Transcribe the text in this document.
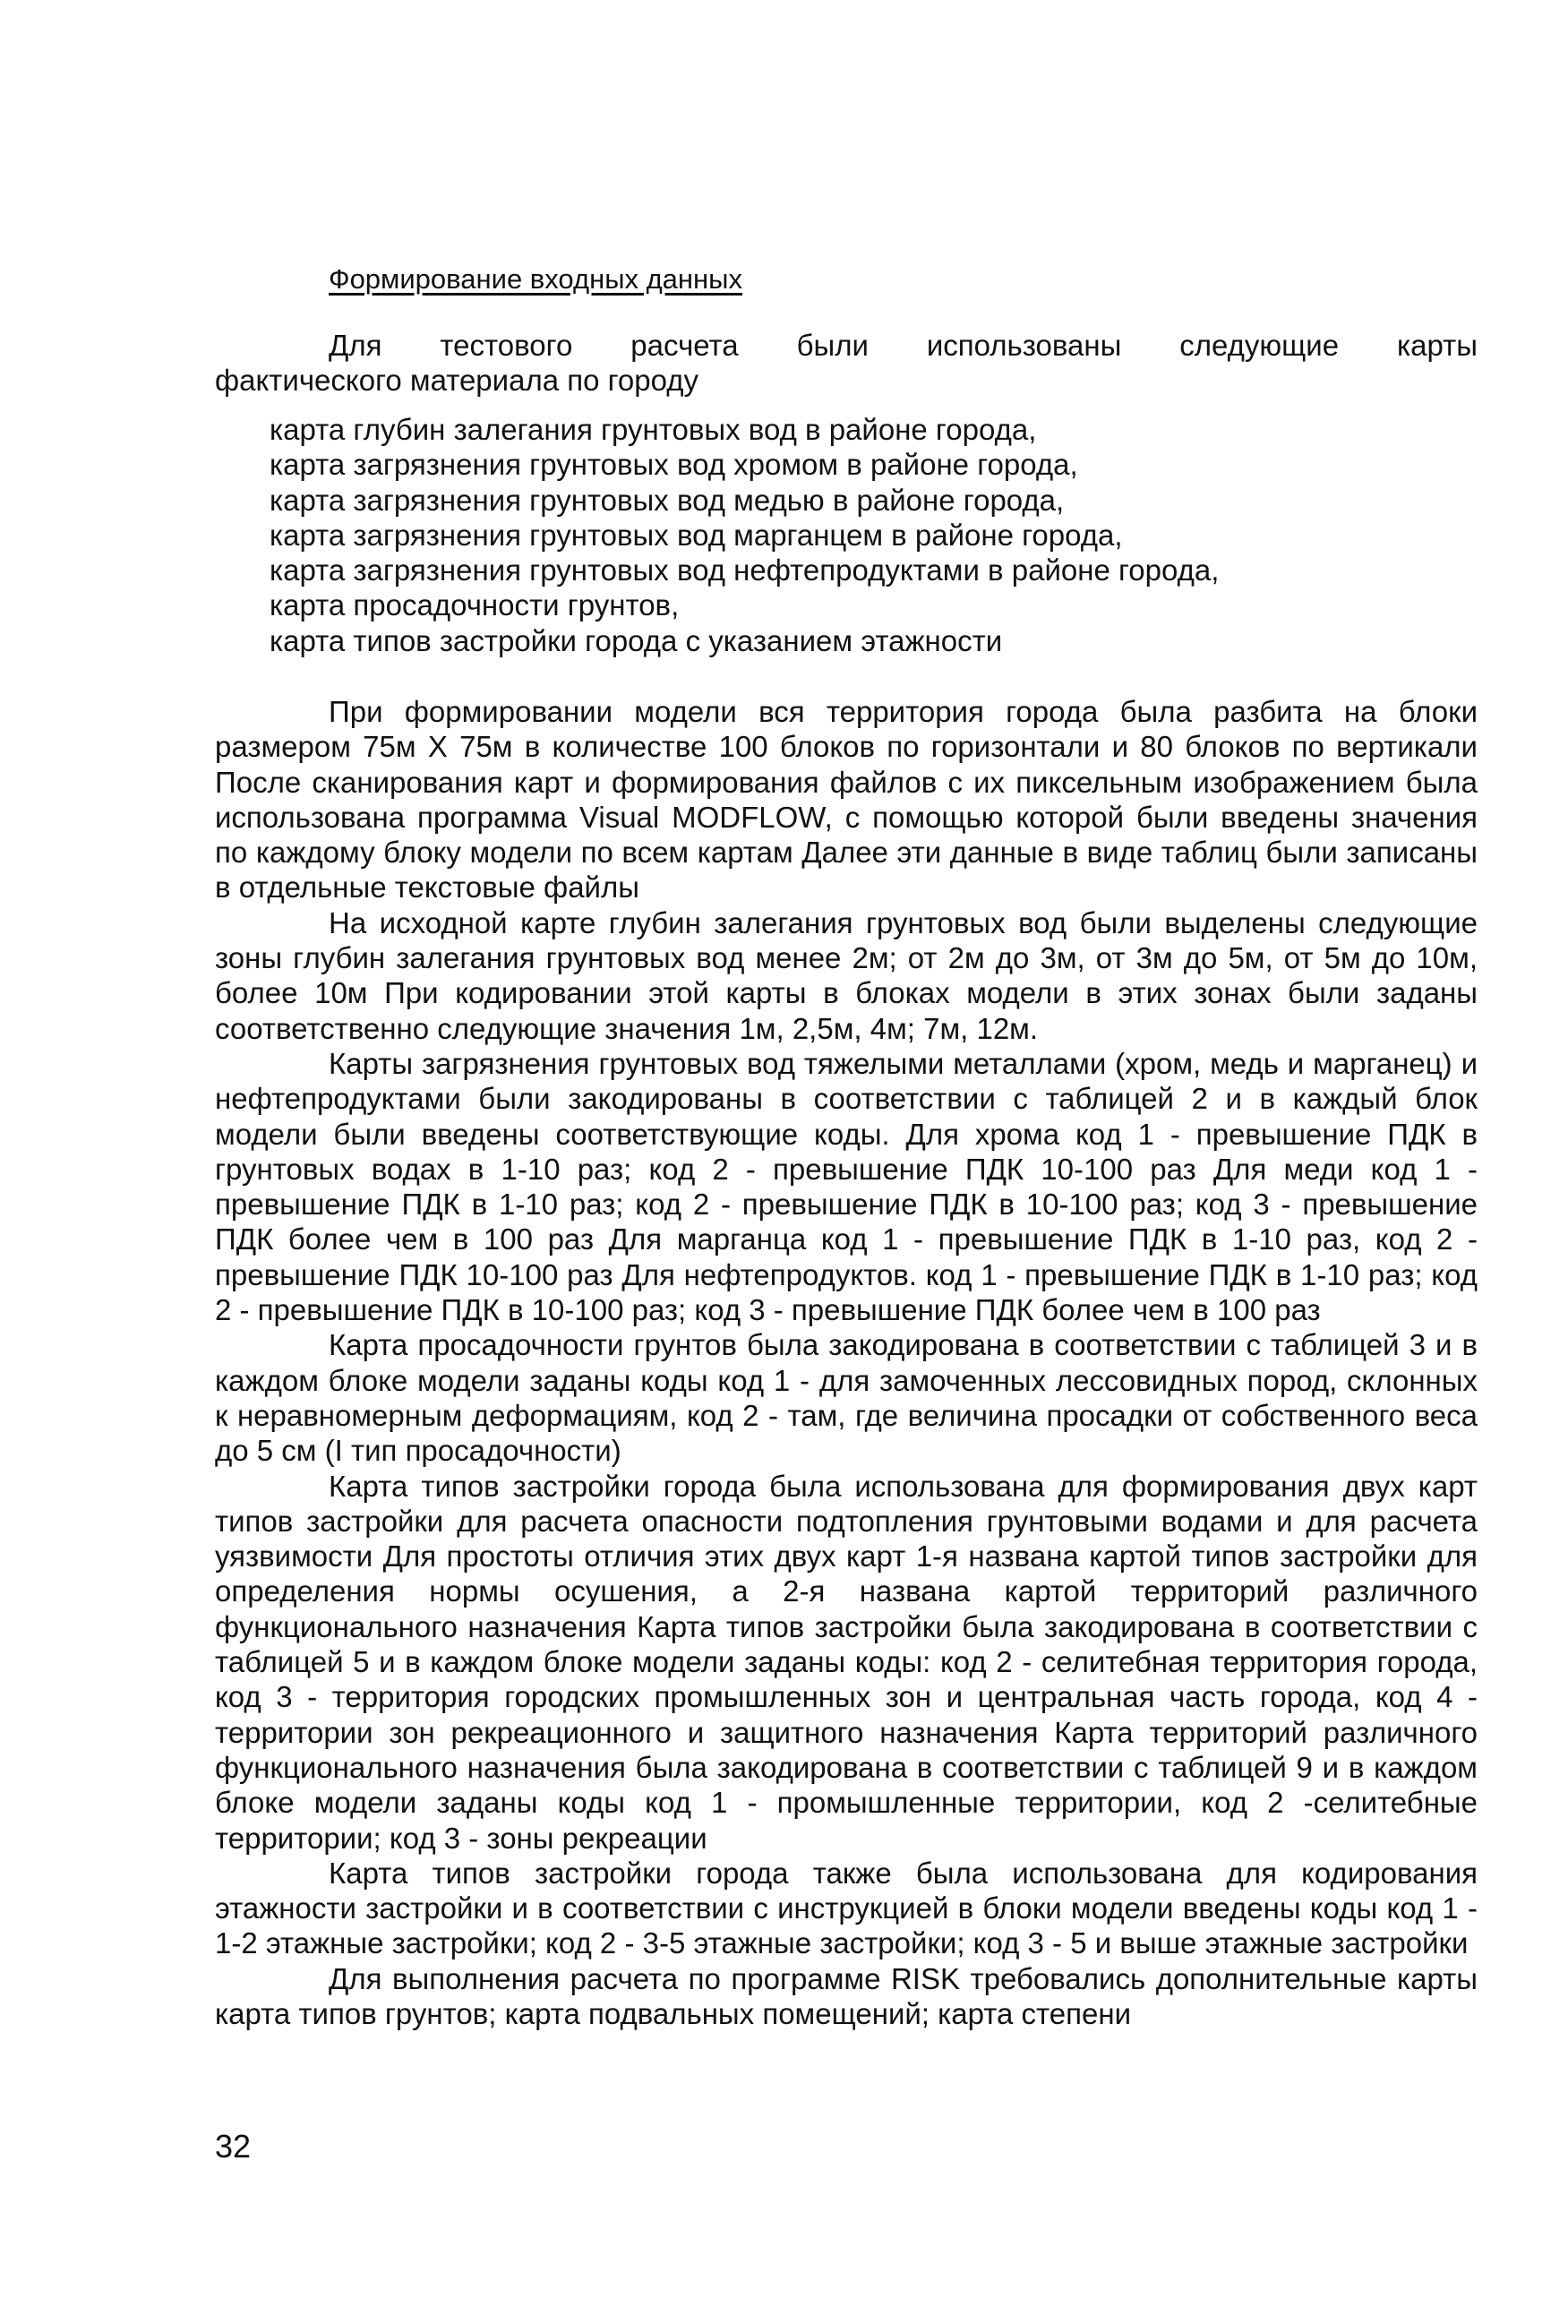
Формирование входных данных

Для тестового расчета были использованы следующие карты

фактического материала по городу

карта глубин залегания грунтовых вод в районе города,
карта загрязнения грунтовых вод хромом в районе города,
карта загрязнения грунтовых вод медью в районе города,
карта загрязнения грунтовых вод марганцем в районе города,
карта загрязнения грунтовых вод нефтепродуктами в районе города,
карта просадочности грунтов,
карта типов застройки города с указанием этажности

При формировании модели вся территория города была разбита на блоки размером 75м X 75м в количестве 100 блоков по горизонтали и 80 блоков по вертикали После сканирования карт и формирования файлов с их пиксельным изображением была использована программа Visual MODFLOW, с помощью которой были введены значения по каждому блоку модели по всем картам Далее эти данные в виде таблиц были записаны в отдельные текстовые файлы

На исходной карте глубин залегания грунтовых вод были выделены следующие зоны глубин залегания грунтовых вод менее 2м; от 2м до 3м, от 3м до 5м, от 5м до 10м, более 10м При кодировании этой карты в блоках модели в этих зонах были заданы соответственно следующие значения 1м, 2,5м, 4м; 7м, 12м.

Карты загрязнения грунтовых вод тяжелыми металлами (хром, медь и марганец) и нефтепродуктами были закодированы в соответствии с таблицей 2 и в каждый блок модели были введены соответствующие коды. Для хрома код 1 - превышение ПДК в грунтовых водах в 1-10 раз; код 2 - превышение ПДК 10-100 раз Для меди код 1 - превышение ПДК в 1-10 раз; код 2 - превышение ПДК в 10-100 раз; код 3 - превышение ПДК более чем в 100 раз Для марганца код 1 - превышение ПДК в 1-10 раз, код 2 - превышение ПДК 10-100 раз Для нефтепродуктов. код 1 - превышение ПДК в 1-10 раз; код 2 - превышение ПДК в 10-100 раз; код 3 - превышение ПДК более чем в 100 раз

Карта просадочности грунтов была закодирована в соответствии с таблицей 3 и в каждом блоке модели заданы коды код 1 - для замоченных лессовидных пород, склонных к неравномерным деформациям, код 2 - там, где величина просадки от собственного веса до 5 см (I тип просадочности)

Карта типов застройки города была использована для формирования двух карт типов застройки для расчета опасности подтопления грунтовыми водами и для расчета уязвимости Для простоты отличия этих двух карт 1-я названа картой типов застройки для определения нормы осушения, а 2-я названа картой территорий различного функционального назначения Карта типов застройки была закодирована в соответствии с таблицей 5 и в каждом блоке модели заданы коды: код 2 - селитебная территория города, код 3 - территория городских промышленных зон и центральная часть города, код 4 - территории зон рекреационного и защитного назначения Карта территорий различного функционального назначения была закодирована в соответствии с таблицей 9 и в каждом блоке модели заданы коды код 1 - промышленные территории, код 2 -селитебные территории; код 3 - зоны рекреации

Карта типов застройки города также была использована для кодирования этажности застройки и в соответствии с инструкцией в блоки модели введены коды код 1 - 1-2 этажные застройки; код 2 - 3-5 этажные застройки; код 3 - 5 и выше этажные застройки

Для выполнения расчета по программе RISK требовались дополнительные карты карта типов грунтов; карта подвальных помещений; карта степени

32
